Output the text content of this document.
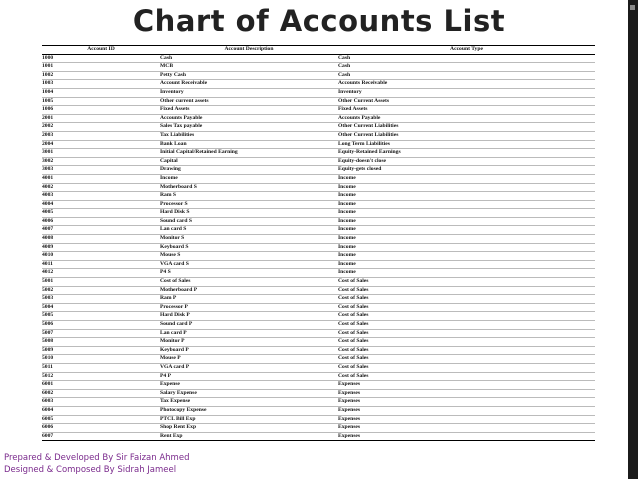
Chart of Accounts List
Account ID	Account Description	Account Type
1000	Cash	Cash
1001	MCB	Cash
1002	Petty Cash	Cash
1003	Account Receivable	Accounts Receivable
1004	Inventory	Inventory
1005	Other current assets	Other Current Assets
1006	Fixed Assets	Fixed Assets
2001	Accounts Payable	Accounts Payable
2002	Sales Tax payable	Other Current Liabilities
2003	Tax Liabilities	Other Current Liabilities
2004	Bank Loan	Long Term Liabilities
3001	Initial Capital/Retained Earning	Equity-Retained Earnings
3002	Capital	Equity-doesn't close
3003	Drawing	Equity-gets closed
4001	Income	Income
4002	Motherboard S	Income
4003	Ram S	Income
4004	Processor S	Income
4005	Hard Disk S	Income
4006	Sound card S	Income
4007	Lan card S	Income
4008	Monitor S	Income
4009	Keyboard S	Income
4010	Mouse S	Income
4011	VGA card S	Income
4012	P4 S	Income
5001	Cost of Sales	Cost of Sales
5002	Motherboard P	Cost of Sales
5003	Ram P	Cost of Sales
5004	Processor P	Cost of Sales
5005	Hard Disk P	Cost of Sales
5006	Sound card P	Cost of Sales
5007	Lan card P	Cost of Sales
5008	Monitor P	Cost of Sales
5009	Keyboard P	Cost of Sales
5010	Mouse P	Cost of Sales
5011	VGA card P	Cost of Sales
5012	P4 P	Cost of Sales
6001	Expense	Expenses
6002	Salary Expense	Expenses
6003	Tax Expense	Expenses
6004	Photocopy Expense	Expenses
6005	PTCL Bill Exp	Expenses
6006	Shop Rent Exp	Expenses
6007	Rent Exp	Expenses
Prepared & Developed By Sir Faizan Ahmed
Designed & Composed By Sidrah Jameel
